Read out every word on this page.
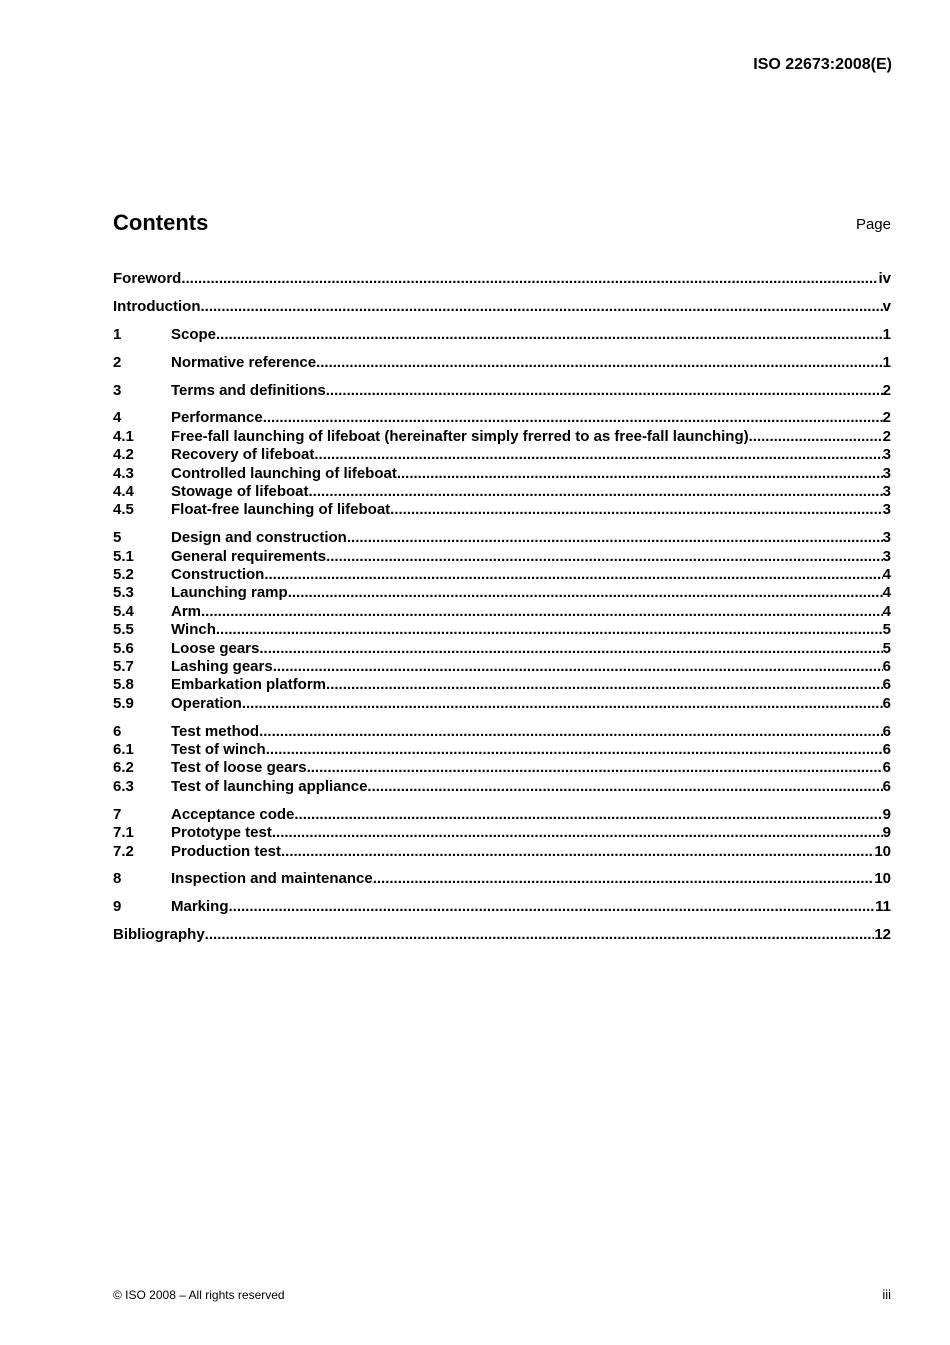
ISO 22673:2008(E)
Contents	Page
Foreword .....	iv
Introduction .....	v
1	Scope .....	1
2	Normative reference .....	1
3	Terms and definitions .....	2
4	Performance .....	2
4.1	Free-fall launching of lifeboat (hereinafter simply frerred to as free-fall launching) .....	2
4.2	Recovery of lifeboat .....	3
4.3	Controlled launching of lifeboat .....	3
4.4	Stowage of lifeboat .....	3
4.5	Float-free launching of lifeboat .....	3
5	Design and construction .....	3
5.1	General requirements .....	3
5.2	Construction .....	4
5.3	Launching ramp .....	4
5.4	Arm .....	4
5.5	Winch .....	5
5.6	Loose gears .....	5
5.7	Lashing gears .....	6
5.8	Embarkation platform .....	6
5.9	Operation .....	6
6	Test method .....	6
6.1	Test of winch .....	6
6.2	Test of loose gears .....	6
6.3	Test of launching appliance .....	6
7	Acceptance code .....	9
7.1	Prototype test .....	9
7.2	Production test .....	10
8	Inspection and maintenance .....	10
9	Marking .....	11
Bibliography .....	12
© ISO 2008 – All rights reserved	iii
